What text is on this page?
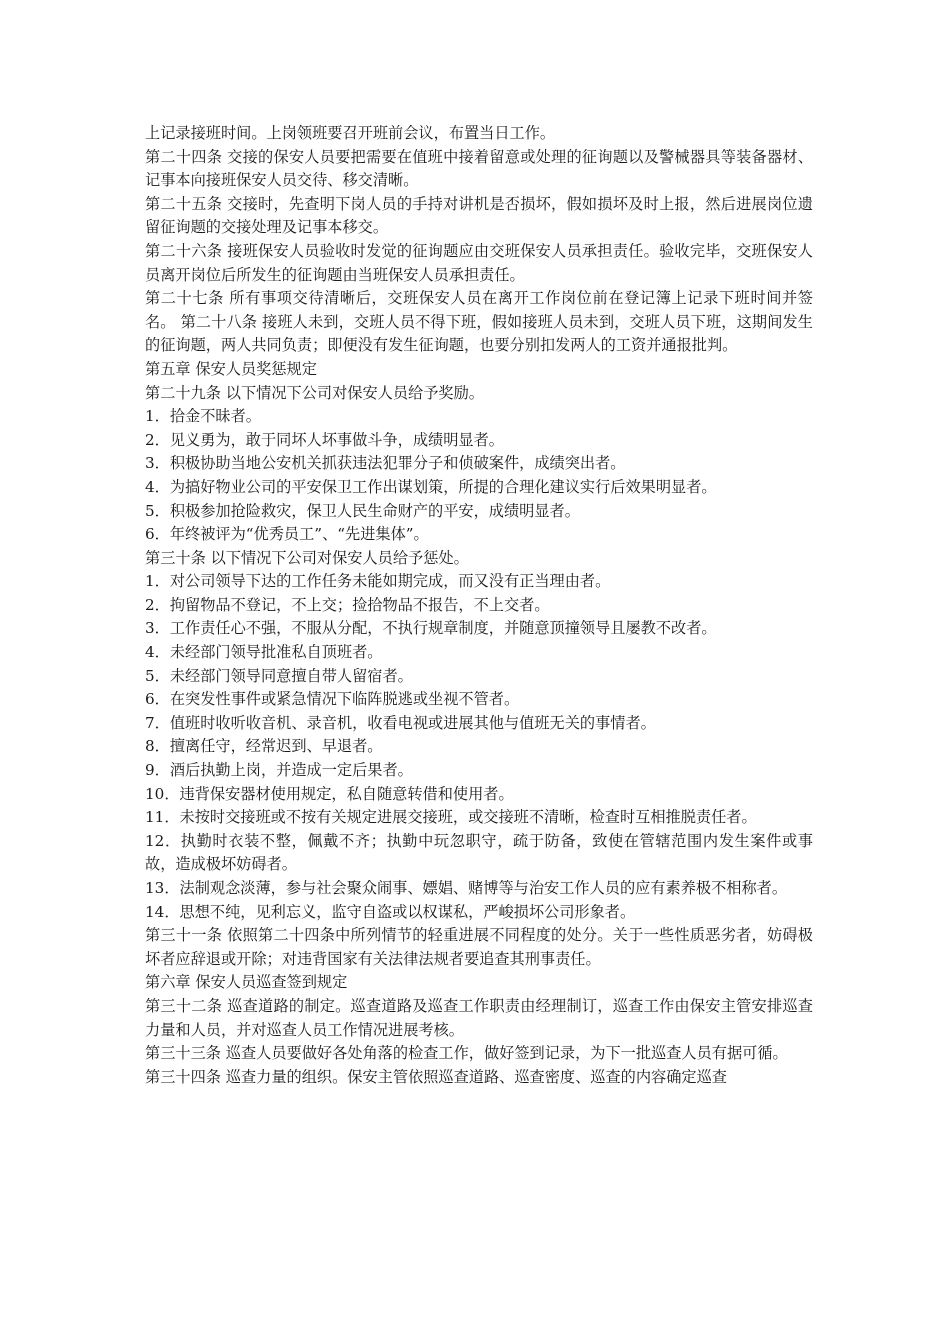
上记录接班时间。上岗领班要召开班前会议，布置当日工作。

第二十四条 交接的保安人员要把需要在值班中接着留意或处理的征询题以及警械器具等装备器材、记事本向接班保安人员交待、移交清晰。

第二十五条 交接时，先查明下岗人员的手持对讲机是否损坏，假如损坏及时上报，然后进展岗位遗留征询题的交接处理及记事本移交。

第二十六条 接班保安人员验收时发觉的征询题应由交班保安人员承担责任。验收完毕，交班保安人员离开岗位后所发生的征询题由当班保安人员承担责任。

第二十七条 所有事项交待清晰后，交班保安人员在离开工作岗位前在登记簿上记录下班时间并签名。 第二十八条 接班人未到，交班人员不得下班，假如接班人员未到，交班人员下班，这期间发生的征询题，两人共同负责；即便没有发生征询题，也要分别扣发两人的工资并通报批判。

第五章 保安人员奖惩规定

第二十九条 以下情况下公司对保安人员给予奖励。

1．拾金不昧者。

2．见义勇为，敢于同坏人坏事做斗争，成绩明显者。

3．积极协助当地公安机关抓获违法犯罪分子和侦破案件，成绩突出者。

4．为搞好物业公司的平安保卫工作出谋划策，所提的合理化建议实行后效果明显者。

5．积极参加抢险救灾，保卫人民生命财产的平安，成绩明显者。

6．年终被评为“优秀员工”、“先进集体”。

第三十条 以下情况下公司对保安人员给予惩处。

1．对公司领导下达的工作任务未能如期完成，而又没有正当理由者。

2．拘留物品不登记，不上交；捡拾物品不报告，不上交者。

3．工作责任心不强，不服从分配，不执行规章制度，并随意顶撞领导且屡教不改者。

4．未经部门领导批准私自顶班者。

5．未经部门领导同意擅自带人留宿者。

6．在突发性事件或紧急情况下临阵脱逃或坐视不管者。

7．值班时收听收音机、录音机，收看电视或进展其他与值班无关的事情者。

8．擅离任守，经常迟到、早退者。

9．酒后执勤上岗，并造成一定后果者。

10．违背保安器材使用规定，私自随意转借和使用者。

11．未按时交接班或不按有关规定进展交接班，或交接班不清晰，检查时互相推脱责任者。

12．执勤时衣装不整，佩戴不齐；执勤中玩忽职守，疏于防备，致使在管辖范围内发生案件或事故，造成极坏妨碍者。

13．法制观念淡薄，参与社会聚众闹事、嫖娼、赌博等与治安工作人员的应有素养极不相称者。

14．思想不纯，见利忘义，监守自盗或以权谋私，严峻损坏公司形象者。

第三十一条 依照第二十四条中所列情节的轻重进展不同程度的处分。关于一些性质恶劣者，妨碍极坏者应辞退或开除；对违背国家有关法律法规者要追查其刑事责任。

第六章 保安人员巡查签到规定

第三十二条 巡查道路的制定。巡查道路及巡查工作职责由经理制订，巡查工作由保安主管安排巡查力量和人员，并对巡查人员工作情况进展考核。

第三十三条 巡查人员要做好各处角落的检查工作，做好签到记录，为下一批巡查人员有据可循。

第三十四条 巡查力量的组织。保安主管依照巡查道路、巡查密度、巡查的内容确定巡查
